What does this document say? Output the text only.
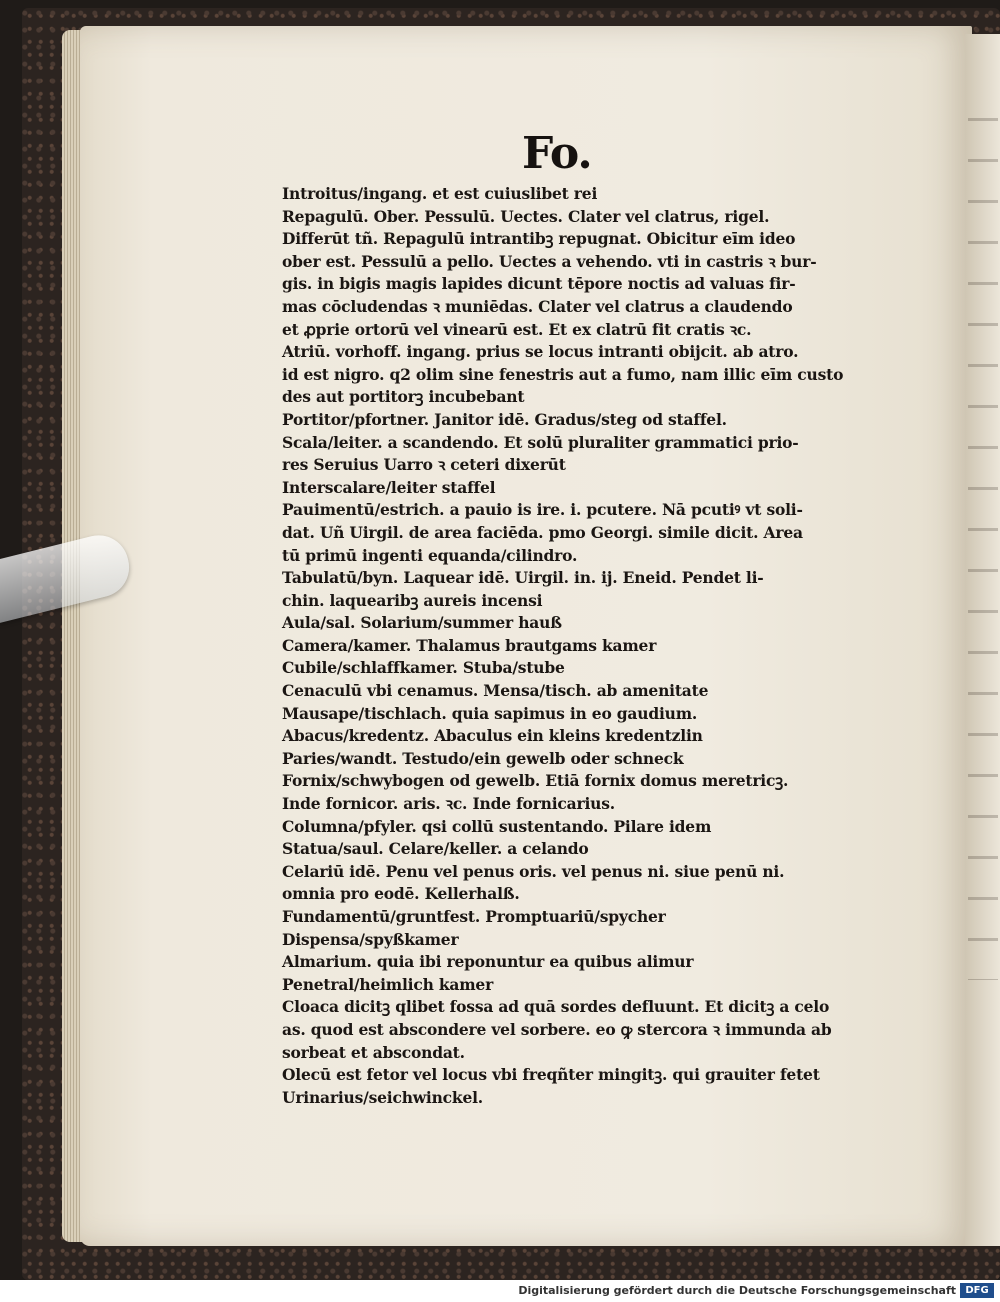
Fo.
Introitus/ingang. et est cuiuslibet rei
Repagulū. Ober. Pessulū. Uectes. Clater vel clatrus, rigel.
Differūt tñ. Repagulū intrantibꝫ repugnat. Obicitur eīm ideo
ober est. Pessulū a pello. Uectes a vehendo. vti in castris ꝛ bur-
gis. in bigis magis lapides dicunt tēpore noctis ad valuas fir-
mas cōcludendas ꝛ muniēdas. Clater vel clatrus a claudendo
et ꝓprie ortorū vel vinearū est. Et ex clatrū fit cratis ꝛc.
Atriū. vorhoff. ingang. prius se locus intranti obijcit. ab atro.
id est nigro. q2 olim sine fenestris aut a fumo, nam illic eīm custo
des aut portitorꝫ incubebant
Portitor/pfortner. Janitor idē. Gradus/steg od staffel.
Scala/leiter. a scandendo. Et solū pluraliter grammatici prio-
res Seruius Uarro ꝛ ceteri dixerūt
Interscalare/leiter staffel
Pauimentū/estrich. a pauio is ire. i. pcutere. Nā pcutiꝰ vt soli-
dat. Uñ Uirgil. de area faciēda. pmo Georgi. simile dicit. Area
tū primū ingenti equanda/cilindro.
Tabulatū/byn. Laquear idē. Uirgil. in. ij. Eneid. Pendet li-
chin. laquearibꝫ aureis incensi
Aula/sal. Solarium/summer hauß
Camera/kamer. Thalamus brautgams kamer
Cubile/schlaffkamer. Stuba/stube
Cenaculū vbi cenamus. Mensa/tisch. ab amenitate
Mausape/tischlach. quia sapimus in eo gaudium.
Abacus/kredentz. Abaculus ein kleins kredentzlin
Paries/wandt. Testudo/ein gewelb oder schneck
Fornix/schwybogen od gewelb. Etiā fornix domus meretricꝫ.
Inde fornicor. aris. ꝛc. Inde fornicarius.
Columna/pfyler. qsi collū sustentando. Pilare idem
Statua/saul. Celare/keller. a celando
Celariū idē. Penu vel penus oris. vel penus ni. siue penū ni.
omnia pro eodē. Kellerhalß.
Fundamentū/gruntfest. Promptuariū/spycher
Dispensa/spyßkamer
Almarium. quia ibi reponuntur ea quibus alimur
Penetral/heimlich kamer
Cloaca dicitꝫ qlibet fossa ad quā sordes defluunt. Et dicitꝫ a celo
as. quod est abscondere vel sorbere. eo ꝙ stercora ꝛ immunda ab
sorbeat et abscondat.
Olecū est fetor vel locus vbi freqñter mingitꝫ. qui grauiter fetet
Urinarius/seichwinckel.
Digitalisierung gefördert durch die Deutsche Forschungsgemeinschaft DFG
